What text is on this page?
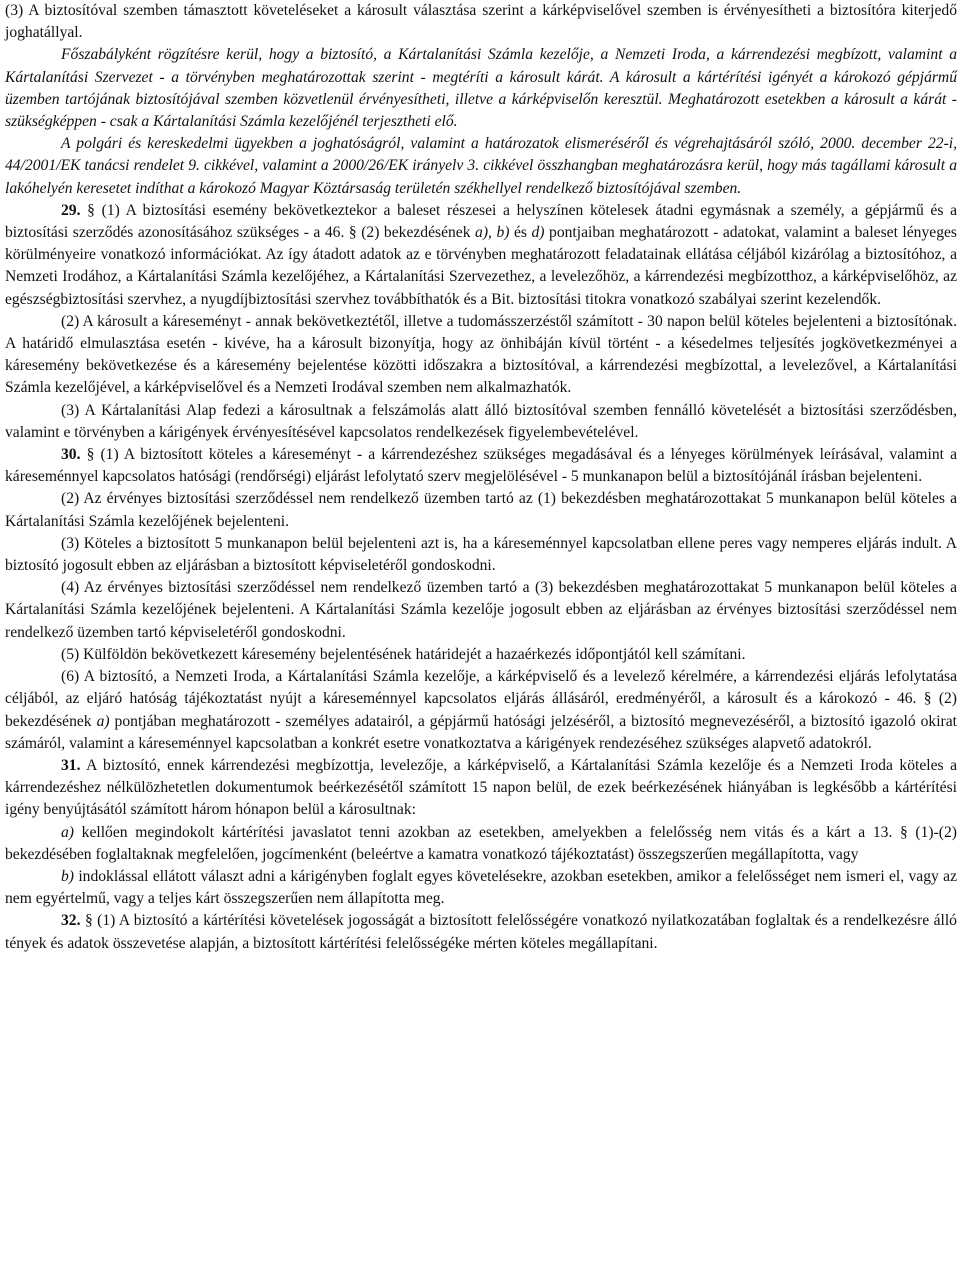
(3) A biztosítóval szemben támasztott követeléseket a károsult választása szerint a kárképviselővel szemben is érvényesítheti a biztosítóra kiterjedő joghatállyal.

Főszabályként rögzítésre kerül, hogy a biztosító, a Kártalanítási Számla kezelője, a Nemzeti Iroda, a kárrendezési megbízott, valamint a Kártalanítási Szervezet - a törvényben meghatározottak szerint - megtéríti a károsult kárát. A károsult a kártérítési igényét a károkozó gépjármű üzemben tartójának biztosítójával szemben közvetlenül érvényesítheti, illetve a kárképviselőn keresztül. Meghatározott esetekben a károsult a kárát - szükségképpen - csak a Kártalanítási Számla kezelőjénél terjesztheti elő.

A polgári és kereskedelmi ügyekben a joghatóságról, valamint a határozatok elismeréséről és végrehajtásáról szóló, 2000. december 22-i, 44/2001/EK tanácsi rendelet 9. cikkével, valamint a 2000/26/EK irányelv 3. cikkével összhangban meghatározásra kerül, hogy más tagállami károsult a lakóhelyén keresetet indíthat a károkozó Magyar Köztársaság területén székhellyel rendelkező biztosítójával szemben.

29. § (1) A biztosítási esemény bekövetkeztekor a baleset részesei a helyszínen kötelesek átadni egymásnak a személy, a gépjármű és a biztosítási szerződés azonosításához szükséges - a 46. § (2) bekezdésének a), b) és d) pontjaiban meghatározott - adatokat, valamint a baleset lényeges körülményeire vonatkozó információkat. Az így átadott adatok az e törvényben meghatározott feladatainak ellátása céljából kizárólag a biztosítóhoz, a Nemzeti Irodához, a Kártalanítási Számla kezelőjéhez, a Kártalanítási Szervezethez, a levelezőhöz, a kárrendezési megbízotthoz, a kárképviselőhöz, az egészségbiztosítási szervhez, a nyugdíjbiztosítási szervhez továbbíthatók és a Bit. biztosítási titokra vonatkozó szabályai szerint kezelendők.

(2) A károsult a káreseményt - annak bekövetkeztétől, illetve a tudomásszerzéstől számított - 30 napon belül köteles bejelenteni a biztosítónak. A határidő elmulasztása esetén - kivéve, ha a károsult bizonyítja, hogy az önhibáján kívül történt - a késedelmes teljesítés jogkövetkezményei a káresemény bekövetkezése és a káresemény bejelentése közötti időszakra a biztosítóval, a kárrendezési megbízottal, a levelezővel, a Kártalanítási Számla kezelőjével, a kárképviselővel és a Nemzeti Irodával szemben nem alkalmazhatók.

(3) A Kártalanítási Alap fedezi a károsultnak a felszámolás alatt álló biztosítóval szemben fennálló követelését a biztosítási szerződésben, valamint e törvényben a kárigények érvényesítésével kapcsolatos rendelkezések figyelembevételével.

30. § (1) A biztosított köteles a káreseményt - a kárrendezéshez szükséges megadásával és a lényeges körülmények leírásával, valamint a káreseménnyel kapcsolatos hatósági (rendőrségi) eljárást lefolytató szerv megjelölésével - 5 munkanapon belül a biztosítójánál írásban bejelenteni.

(2) Az érvényes biztosítási szerződéssel nem rendelkező üzemben tartó az (1) bekezdésben meghatározottakat 5 munkanapon belül köteles a Kártalanítási Számla kezelőjének bejelenteni.

(3) Köteles a biztosított 5 munkanapon belül bejelenteni azt is, ha a káreseménnyel kapcsolatban ellene peres vagy nemperes eljárás indult. A biztosító jogosult ebben az eljárásban a biztosított képviseletéről gondoskodni.

(4) Az érvényes biztosítási szerződéssel nem rendelkező üzemben tartó a (3) bekezdésben meghatározottakat 5 munkanapon belül köteles a Kártalanítási Számla kezelőjének bejelenteni. A Kártalanítási Számla kezelője jogosult ebben az eljárásban az érvényes biztosítási szerződéssel nem rendelkező üzemben tartó képviseletéről gondoskodni.

(5) Külföldön bekövetkezett káresemény bejelentésének határidejét a hazaérkezés időpontjától kell számítani.

(6) A biztosító, a Nemzeti Iroda, a Kártalanítási Számla kezelője, a kárképviselő és a levelező kérelmére, a kárrendezési eljárás lefolytatása céljából, az eljáró hatóság tájékoztatást nyújt a káreseménnyel kapcsolatos eljárás állásáról, eredményéről, a károsult és a károkozó - 46. § (2) bekezdésének a) pontjában meghatározott - személyes adatairól, a gépjármű hatósági jelzéséről, a biztosító megnevezéséről, a biztosító igazoló okirat számáról, valamint a káreseménnyel kapcsolatban a konkrét esetre vonatkoztatva a kárigények rendezéséhez szükséges alapvető adatokról.

31. A biztosító, ennek kárrendezési megbízottja, levelezője, a kárképviselő, a Kártalanítási Számla kezelője és a Nemzeti Iroda köteles a kárrendezéshez nélkülözhetetlen dokumentumok beérkezésétől számított 15 napon belül, de ezek beérkezésének hiányában is legkésőbb a kártérítési igény benyújtásától számított három hónapon belül a károsultnak:

a) kellően megindokolt kártérítési javaslatot tenni azokban az esetekben, amelyekben a felelősség nem vitás és a kárt a 13. § (1)-(2) bekezdésében foglaltaknak megfelelően, jogcímenként (beleértve a kamatra vonatkozó tájékoztatást) összegszerűen megállapította, vagy

b) indoklással ellátott választ adni a kárigényben foglalt egyes követelésekre, azokban esetekben, amikor a felelősséget nem ismeri el, vagy az nem egyértelmű, vagy a teljes kárt összegszerűen nem állapította meg.

32. § (1) A biztosító a kártérítési követelések jogosságát a biztosított felelősségére vonatkozó nyilatkozatában foglaltak és a rendelkezésre álló tények és adatok összevetése alapján, a biztosított kártérítési felelősségéke mérten köteles megállapítani.
